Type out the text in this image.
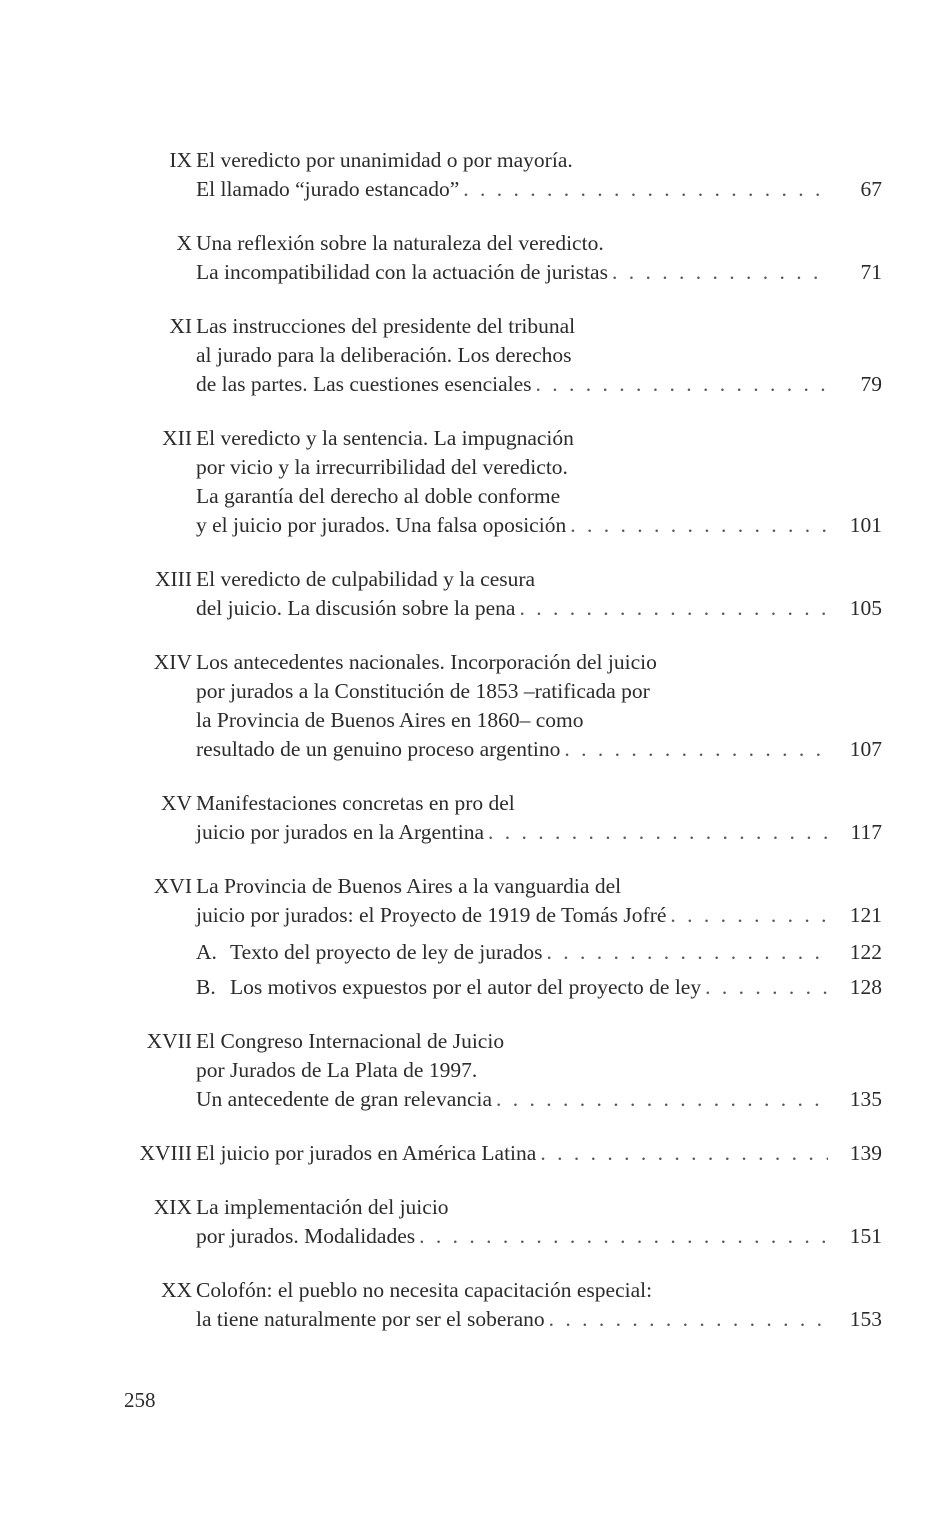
IX El veredicto por unanimidad o por mayoría.
El llamado “jurado estancado” . . .	67
X Una reflexión sobre la naturaleza del veredicto.
La incompatibilidad con la actuación de juristas . . .	71
XI Las instrucciones del presidente del tribunal
al jurado para la deliberación. Los derechos
de las partes. Las cuestiones esenciales . . .	79
XII El veredicto y la sentencia. La impugnación
por vicio y la irrecurribilidad del veredicto.
La garantía del derecho al doble conforme
y el juicio por jurados. Una falsa oposición . . .	101
XIII El veredicto de culpabilidad y la cesura
del juicio. La discusión sobre la pena . . .	105
XIV Los antecedentes nacionales. Incorporación del juicio
por jurados a la Constitución de 1853 –ratificada por
la Provincia de Buenos Aires en 1860– como
resultado de un genuino proceso argentino . . .	107
XV Manifestaciones concretas en pro del
juicio por jurados en la Argentina . . .	117
XVI La Provincia de Buenos Aires a la vanguardia del
juicio por jurados: el Proyecto de 1919 de Tomás Jofré . . .	121
A. Texto del proyecto de ley de jurados . . .	122
B. Los motivos expuestos por el autor del proyecto de ley . . .	128
XVII El Congreso Internacional de Juicio
por Jurados de La Plata de 1997.
Un antecedente de gran relevancia . . .	135
XVIII El juicio por jurados en América Latina . . .	139
XIX La implementación del juicio
por jurados. Modalidades . . .	151
XX Colofón: el pueblo no necesita capacitación especial:
la tiene naturalmente por ser el soberano . . .	153
258
